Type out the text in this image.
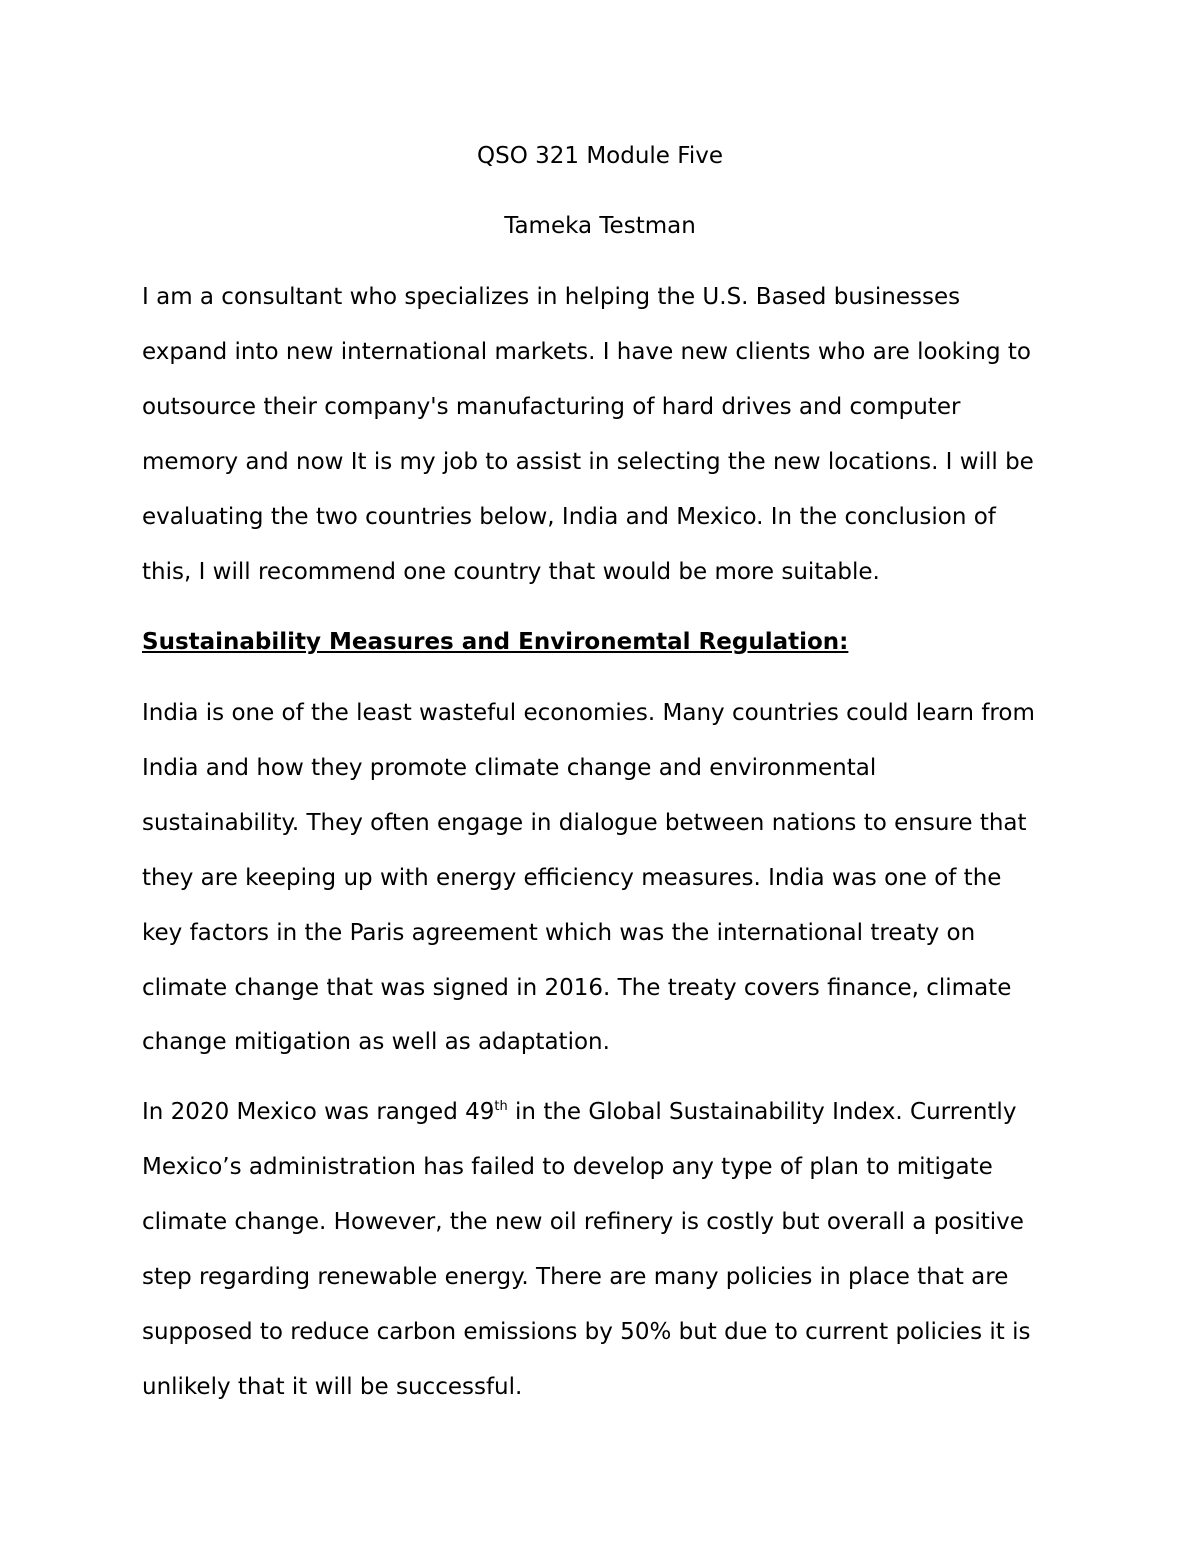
QSO 321 Module Five

Tameka Testman

I am a consultant who specializes in helping the U.S. Based businesses

expand into new international markets. I have new clients who are looking to

outsource their company's manufacturing of hard drives and computer

memory and now It is my job to assist in selecting the new locations. I will be

evaluating the two countries below, India and Mexico. In the conclusion of

this, I will recommend one country that would be more suitable.

Sustainability Measures and Environemtal Regulation:

India is one of the least wasteful economies. Many countries could learn from

India and how they promote climate change and environmental

sustainability. They often engage in dialogue between nations to ensure that

they are keeping up with energy efficiency measures. India was one of the

key factors in the Paris agreement which was the international treaty on

climate change that was signed in 2016. The treaty covers finance, climate

change mitigation as well as adaptation.

In 2020 Mexico was ranged 49th in the Global Sustainability Index. Currently

Mexico’s administration has failed to develop any type of plan to mitigate

climate change. However, the new oil refinery is costly but overall a positive

step regarding renewable energy. There are many policies in place that are

supposed to reduce carbon emissions by 50% but due to current policies it is

unlikely that it will be successful.
